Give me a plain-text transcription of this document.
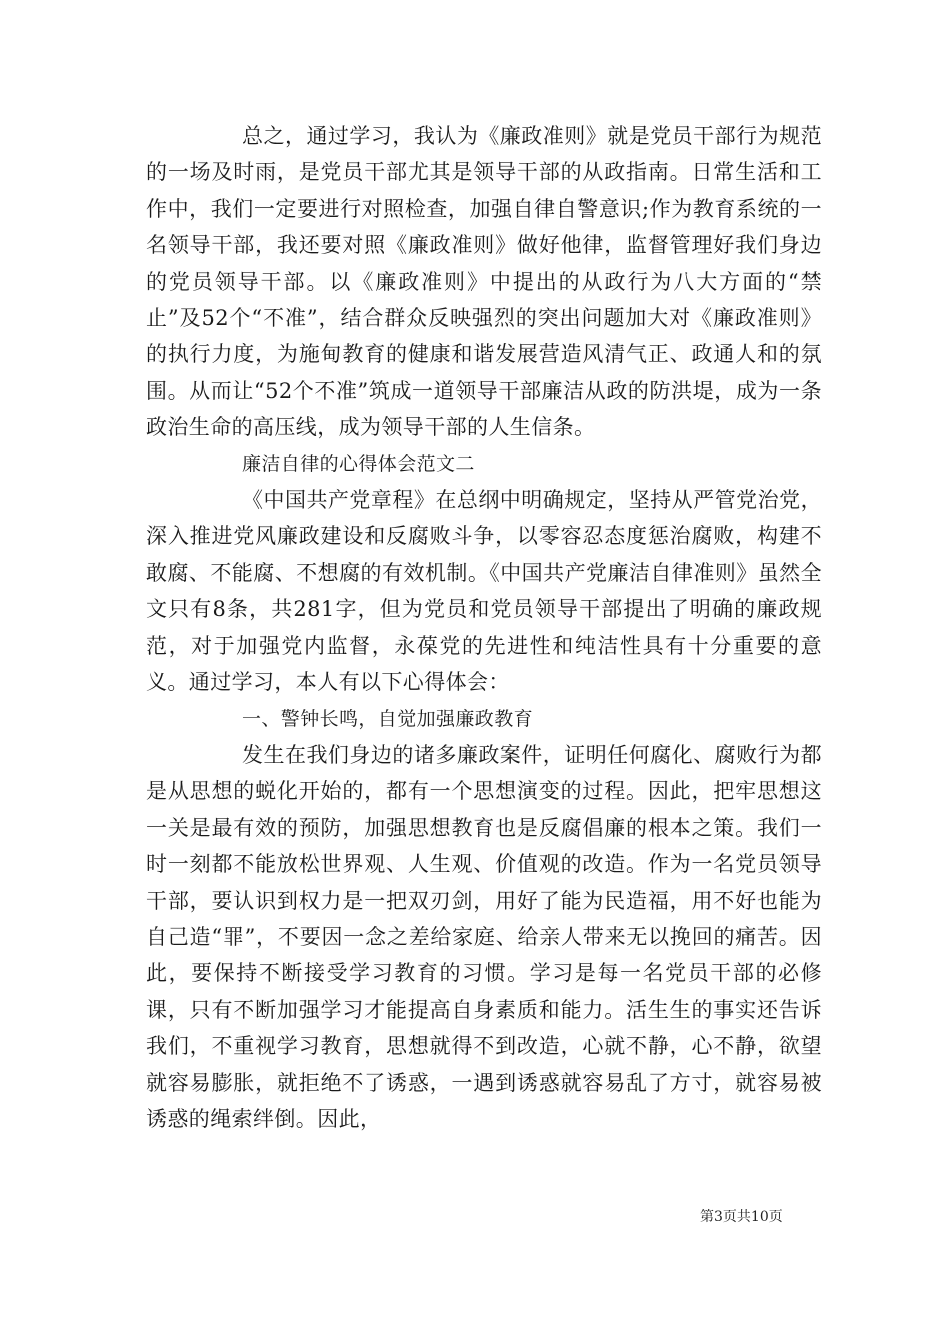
总之，通过学习，我认为《廉政准则》就是党员干部行为规范的一场及时雨，是党员干部尤其是领导干部的从政指南。日常生活和工作中，我们一定要进行对照检查，加强自律自警意识;作为教育系统的一名领导干部，我还要对照《廉政准则》做好他律，监督管理好我们身边的党员领导干部。以《廉政准则》中提出的从政行为八大方面的“禁止”及52个“不准”，结合群众反映强烈的突出问题加大对《廉政准则》的执行力度，为施甸教育的健康和谐发展营造风清气正、政通人和的氛围。从而让“52个不准”筑成一道领导干部廉洁从政的防洪堤，成为一条政治生命的高压线，成为领导干部的人生信条。

廉洁自律的心得体会范文二

《中国共产党章程》在总纲中明确规定，坚持从严管党治党，深入推进党风廉政建设和反腐败斗争，以零容忍态度惩治腐败，构建不敢腐、不能腐、不想腐的有效机制。《中国共产党廉洁自律准则》虽然全文只有8条，共281字，但为党员和党员领导干部提出了明确的廉政规范，对于加强党内监督，永葆党的先进性和纯洁性具有十分重要的意义。通过学习，本人有以下心得体会：

一、警钟长鸣，自觉加强廉政教育

发生在我们身边的诸多廉政案件，证明任何腐化、腐败行为都是从思想的蜕化开始的，都有一个思想演变的过程。因此，把牢思想这一关是最有效的预防，加强思想教育也是反腐倡廉的根本之策。我们一时一刻都不能放松世界观、人生观、价值观的改造。作为一名党员领导干部，要认识到权力是一把双刃剑，用好了能为民造福，用不好也能为自己造“罪”，不要因一念之差给家庭、给亲人带来无以挽回的痛苦。因此，要保持不断接受学习教育的习惯。学习是每一名党员干部的必修课，只有不断加强学习才能提高自身素质和能力。活生生的事实还告诉我们，不重视学习教育，思想就得不到改造，心就不静，心不静，欲望就容易膨胀，就拒绝不了诱惑，一遇到诱惑就容易乱了方寸，就容易被诱惑的绳索绊倒。因此，

第3页共10页
